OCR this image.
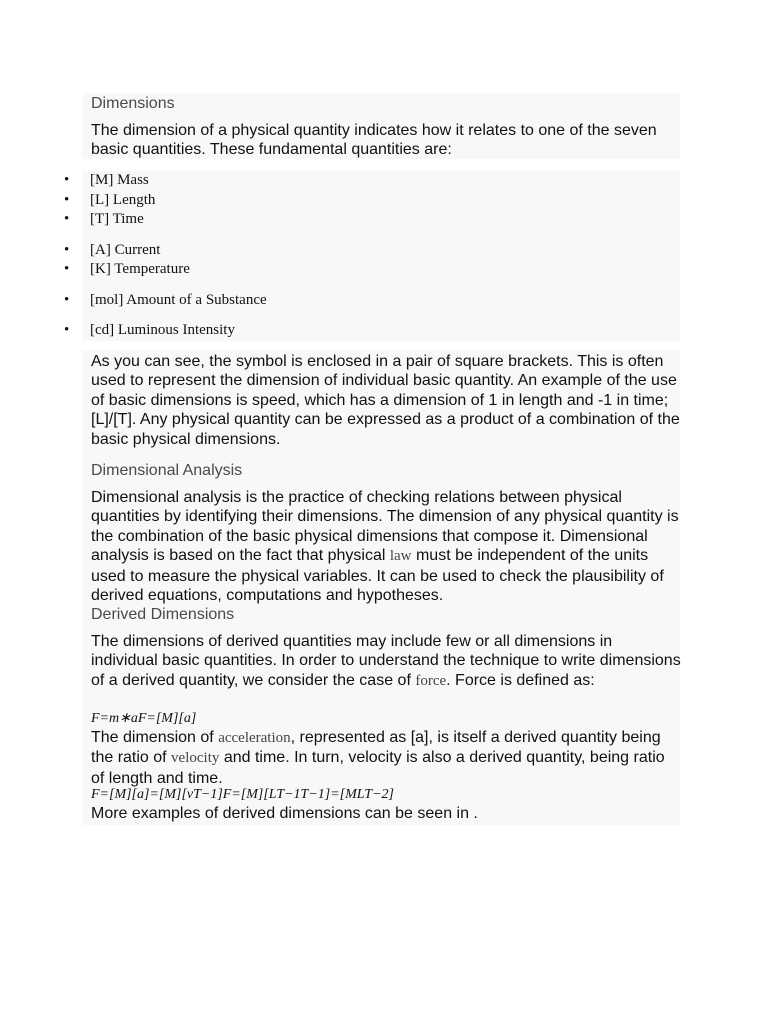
Dimensions
The dimension of a physical quantity indicates how it relates to one of the seven basic quantities. These fundamental quantities are:
• [M] Mass
• [L] Length
• [T] Time
• [A] Current
• [K] Temperature
• [mol] Amount of a Substance
• [cd] Luminous Intensity
As you can see, the symbol is enclosed in a pair of square brackets. This is often used to represent the dimension of individual basic quantity. An example of the use of basic dimensions is speed, which has a dimension of 1 in length and -1 in time; [L]/[T]. Any physical quantity can be expressed as a product of a combination of the basic physical dimensions.
Dimensional Analysis
Dimensional analysis is the practice of checking relations between physical quantities by identifying their dimensions. The dimension of any physical quantity is the combination of the basic physical dimensions that compose it. Dimensional analysis is based on the fact that physical law must be independent of the units used to measure the physical variables. It can be used to check the plausibility of derived equations, computations and hypotheses.
Derived Dimensions
The dimensions of derived quantities may include few or all dimensions in individual basic quantities. In order to understand the technique to write dimensions of a derived quantity, we consider the case of force. Force is defined as:
F=m∗aF=[M][a]
The dimension of acceleration, represented as [a], is itself a derived quantity being the ratio of velocity and time. In turn, velocity is also a derived quantity, being ratio of length and time.
F=[M][a]=[M][vT−1]F=[M][LT−1T−1]=[MLT−2]
More examples of derived dimensions can be seen in .
